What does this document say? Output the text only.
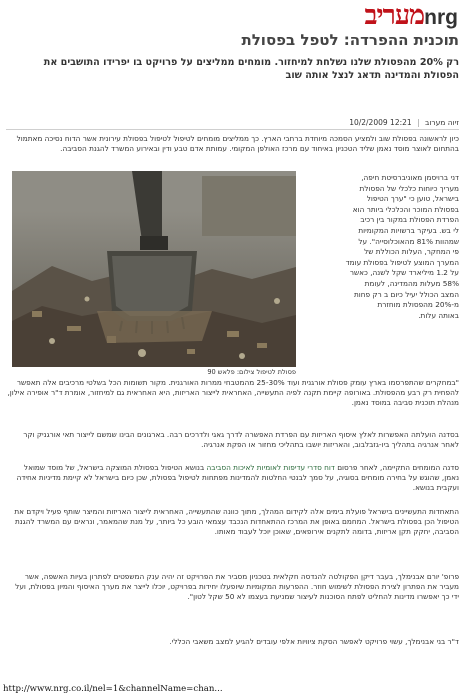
מעריבnrg
תוכנית ההפרדה: לטפל בפסולת
רק 20% מהפסולת שלנו נשלחת למיחזור. מומחים ממליצים על פרויקט בו יפרידו התושבים את הפסולת והמדינה תדאג לנצל אותה שוב
זיוה מערוב | 12:21 10/2/2009
כיון לראשונה בפסולת שוב ולמציע הסמכה מיוחדת ברחבי הארץ. כך ממליצים מומחים לטיפול לטיפול בפסולת עירונית אשר הדוח נסיכה מאתמול בהתחום לאוצר מוסד נאמן שליד הטכניון באיחוד עם מרכז האולפן המקומי. עמותת אדם טבע ודין ובאירוע המשרד להגנת הסביבה.
דני ברויסמן מאוניברסיטת חיפה,
מעריך כיוחות כלכלי של הפסולת
בישראל, טוען כי "ערך הטיפול
בפסולת המוכר והכלכלי ביותר הוא
הפרדת הפסולת במקור בין רכיב
לי בש. בעיקר ברשויות המקומיות
שמהוות 81% מהאוכלוסייה". על
פי המחקר, העלות הכוללת של
המערך המוצע לטיפול בפסולת עומד
על 1.2 מיליארד שקל לשנה, כאשר
58% מעלות מהמדינה, לעומת
המצב הכולל יעיל כיום ב רק פחות
מ-20% מהפסולת מוחזרת
באותה עלות.
פסולת לטיפול צילום: פלאש 90
"במחקרים שהתפרסמו בארץ עומק פסולת אורגנית ועוד 25-30% מהמטבחי ממרות האורגנית. מקור תשומות הכל בשלטי מרכיבים אלה תאפשר להפחית רק רבע מהפסולת. באורופה קיימת תקנה לפיה התעשייה, האחראית לייצור האריזות, היא האחראית גם למיחזור, אומרת ד"ר אופירה אילון, מנהלת תוכנית סביבה במוסד נאמן.
בסדנה הועלתה האפשרות לאלץ איסוף האריזות עם הפרדת האפשרה לדרך גאגי ולדרכים רבה. בארגונים הבינו שמשם לייצור תאי אורגניק וקר לאחר אנרגיה בתהליך ביו-גזבלבוב, והאריזות יושבו בתהליכי מחזור או הפקת אנרגיה.
סדנה המומחים התקיימה, לאחר פרסום דוח סדרי עדיפות לאומיות לאיכות הסביבה בנושא הטיפול בפסולת המוצקה בישראל, של מוסד שמואל נאמן, שהוגש על בחירה מומחים בסוגיה, על סמך לבנטי החלטות להמדינות מפתחות לטיפול בפסולת, שכן כיום בישראל לא קיימת מדיניות אחידה ועקבית בנושא.
התאחדות התעשיינים בישראל פועלת בימים אלה לקידום המהלך, מתוך כוונה שהתעשייה, האחראית לייצור האריזות והמיצר שותף פעיל ויקדם את הטיפול הכן בפסולת בישראל. המחמם באופן את המרכז ההתאחדות הנכבד עצמאי הובע כל ביותר, על מנת שהמאמר, ונראים עם המשרד להגנת הסביבה, יחקק תקן אריזות, בדומה לתקנים אירופאים, שאוכן יוכל לעבוד מאותו.
פרופ' יורם אבנימלך, בעבר דיקן הפקולטה להנדסה חקלאית בטכניון מסביר את הפרויקט זה יהיה ענק המשפטים לפתרון בעיות האשפה, אשר מעביר את הפתרון לצירת הפסולת לשימוש חוזר. ההפרעות המקומיות שיופעלו יחידות בפרויקט, יוכלו לייצר את מערך האיסוף והמיון בפסולת, ועל ידי כך יאפשרו מדינות להחליט לפתח הסוכנות לעיצור שמניעת בעצמו לא 50 שקל לטון".
ד"ר בני אבנימלך, עשוי פרויקט לאפשר הסקת ציוויות אלפי עובדים להגיע למצב משאבי הכללי.
http://www.nrg.co.il/nel=1&channelName=chan...
